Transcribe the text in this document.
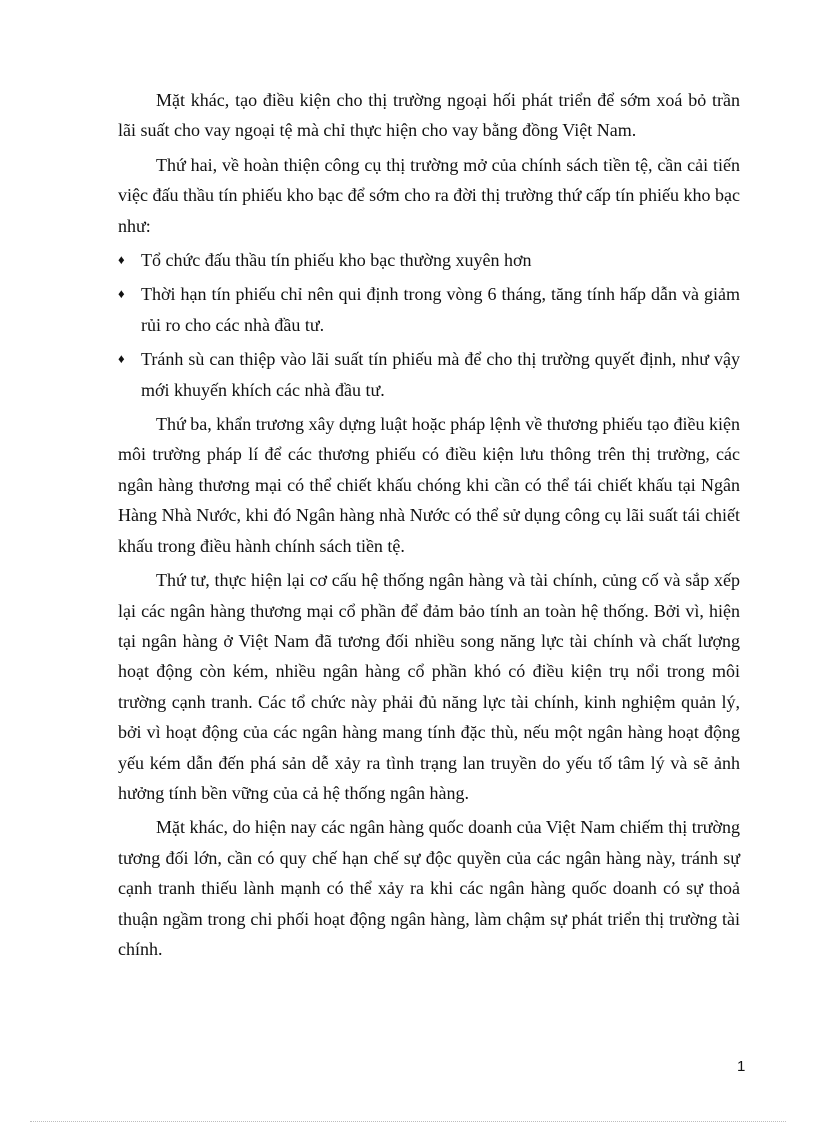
Mặt khác, tạo điều kiện cho thị trường ngoại hối phát triển để sớm xoá bỏ trần lãi suất cho vay ngoại tệ mà chỉ thực hiện cho vay bằng đồng Việt Nam.

Thứ hai, về hoàn thiện công cụ thị trường mở của chính sách tiền tệ, cần cải tiến việc đấu thầu tín phiếu kho bạc để sớm cho ra đời thị trường thứ cấp tín phiếu kho bạc như:

♦ Tổ chức đấu thầu tín phiếu kho bạc thường xuyên hơn
♦ Thời hạn tín phiếu chỉ nên qui định trong vòng 6 tháng, tăng tính hấp dẫn và giảm rủi ro cho các nhà đầu tư.
♦ Tránh sù can thiệp vào lãi suất tín phiếu mà để cho thị trường quyết định, như vậy mới khuyến khích các nhà đầu tư.

Thứ ba, khẩn trương xây dựng luật hoặc pháp lệnh về thương phiếu tạo điều kiện môi trường pháp lí để các thương phiếu có điều kiện lưu thông trên thị trường, các ngân hàng thương mại có thể chiết khấu chóng khi cần có thể tái chiết khấu tại Ngân Hàng Nhà Nước, khi đó Ngân hàng nhà Nước có thể sử dụng công cụ lãi suất tái chiết khấu trong điều hành chính sách tiền tệ.

Thứ tư, thực hiện lại cơ cấu hệ thống ngân hàng và tài chính, củng cố và sắp xếp lại các ngân hàng thương mại cổ phần để đảm bảo tính an toàn hệ thống. Bởi vì, hiện tại ngân hàng ở Việt Nam đã tương đối nhiều song năng lực tài chính và chất lượng hoạt động còn kém, nhiều ngân hàng cổ phần khó có điều kiện trụ nổi trong môi trường cạnh tranh. Các tổ chức này phải đủ năng lực tài chính, kinh nghiệm quản lý, bởi vì hoạt động của các ngân hàng mang tính đặc thù, nếu một ngân hàng hoạt động yếu kém dẫn đến phá sản dễ xảy ra tình trạng lan truyền do yếu tố tâm lý và sẽ ảnh hưởng tính bền vững của cả hệ thống ngân hàng.

Mặt khác, do hiện nay các ngân hàng quốc doanh của Việt Nam chiếm thị trường tương đối lớn, cần có quy chế hạn chế sự độc quyền của các ngân hàng này, tránh sự cạnh tranh thiếu lành mạnh có thể xảy ra khi các ngân hàng quốc doanh có sự thoả thuận ngầm trong chi phối hoạt động ngân hàng, làm chậm sự phát triển thị trường tài chính.

1
